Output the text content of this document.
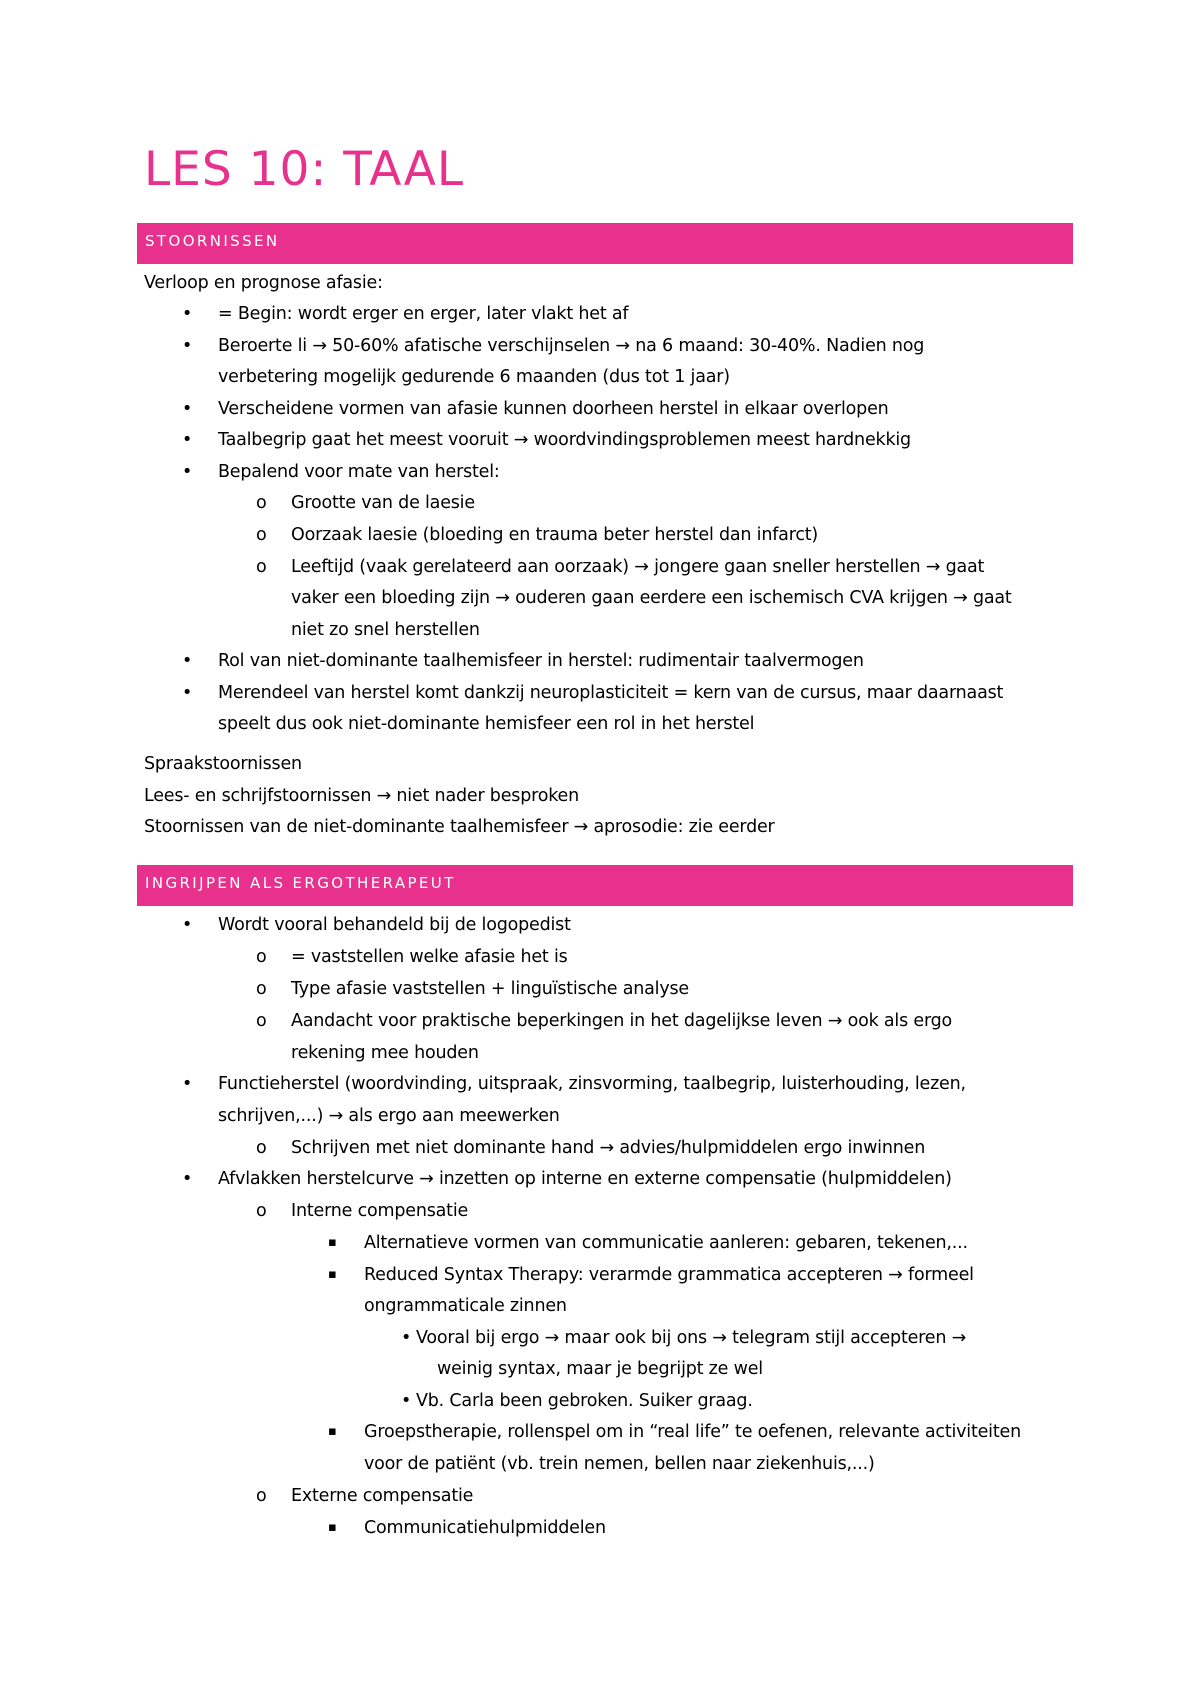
LES 10: TAAL
STOORNISSEN
Verloop en prognose afasie:
• = Begin: wordt erger en erger, later vlakt het af
• Beroerte li → 50-60% afatische verschijnselen → na 6 maand: 30-40%. Nadien nog
verbetering mogelijk gedurende 6 maanden (dus tot 1 jaar)
• Verscheidene vormen van afasie kunnen doorheen herstel in elkaar overlopen
• Taalbegrip gaat het meest vooruit → woordvindingsproblemen meest hardnekkig
• Bepalend voor mate van herstel:
o Grootte van de laesie
o Oorzaak laesie (bloeding en trauma beter herstel dan infarct)
o Leeftijd (vaak gerelateerd aan oorzaak) → jongere gaan sneller herstellen → gaat
vaker een bloeding zijn → ouderen gaan eerdere een ischemisch CVA krijgen → gaat
niet zo snel herstellen
• Rol van niet-dominante taalhemisfeer in herstel: rudimentair taalvermogen
• Merendeel van herstel komt dankzij neuroplasticiteit = kern van de cursus, maar daarnaast
speelt dus ook niet-dominante hemisfeer een rol in het herstel
Spraakstoornissen
Lees- en schrijfstoornissen → niet nader besproken
Stoornissen van de niet-dominante taalhemisfeer → aprosodie: zie eerder
INGRIJPEN ALS ERGOTHERAPEUT
• Wordt vooral behandeld bij de logopedist
o = vaststellen welke afasie het is
o Type afasie vaststellen + linguïstische analyse
o Aandacht voor praktische beperkingen in het dagelijkse leven → ook als ergo
rekening mee houden
• Functieherstel (woordvinding, uitspraak, zinsvorming, taalbegrip, luisterhouding, lezen,
schrijven,...) → als ergo aan meewerken
o Schrijven met niet dominante hand → advies/hulpmiddelen ergo inwinnen
• Afvlakken herstelcurve → inzetten op interne en externe compensatie (hulpmiddelen)
o Interne compensatie
▪ Alternatieve vormen van communicatie aanleren: gebaren, tekenen,...
▪ Reduced Syntax Therapy: verarmde grammatica accepteren → formeel
ongrammaticale zinnen
• Vooral bij ergo → maar ook bij ons → telegram stijl accepteren →
weinig syntax, maar je begrijpt ze wel
• Vb. Carla been gebroken. Suiker graag.
▪ Groepstherapie, rollenspel om in “real life” te oefenen, relevante activiteiten
voor de patiënt (vb. trein nemen, bellen naar ziekenhuis,...)
o Externe compensatie
▪ Communicatiehulpmiddelen
